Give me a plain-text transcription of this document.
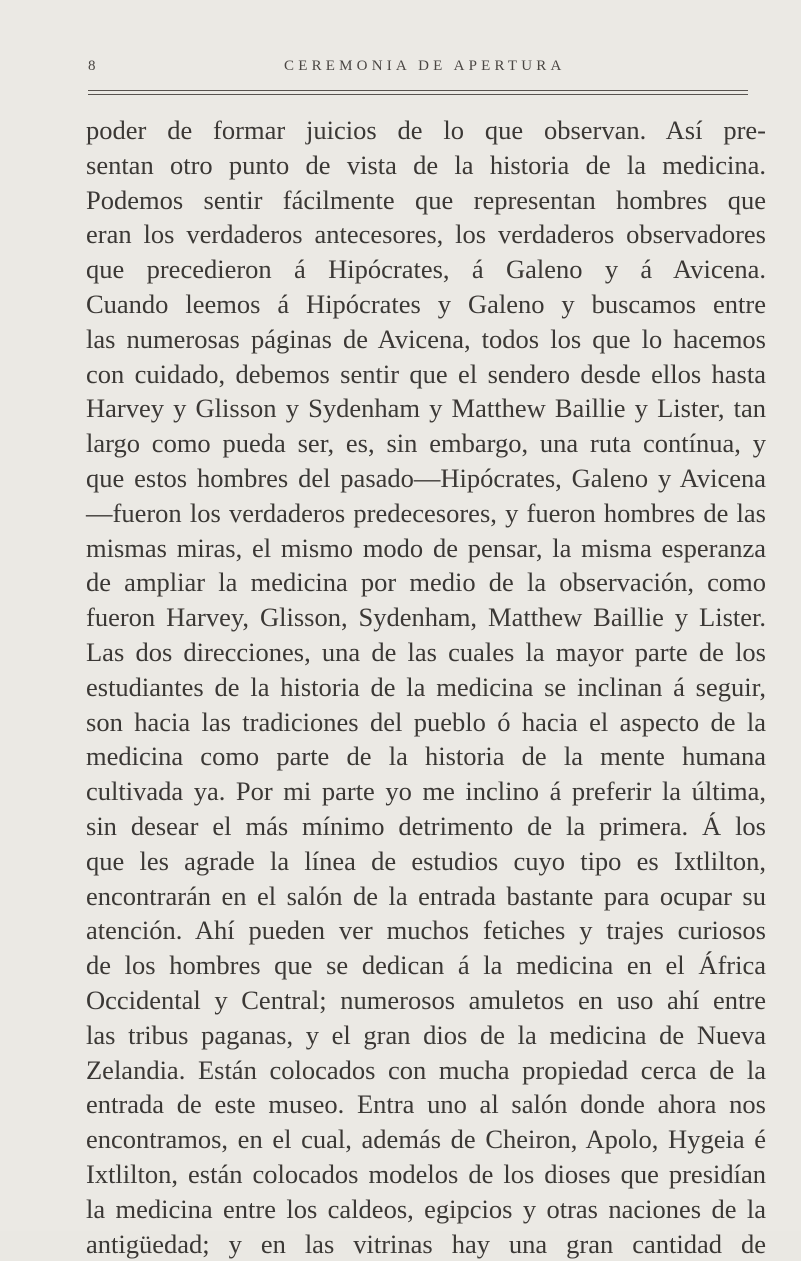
8	CEREMONIA DE APERTURA
poder de formar juicios de lo que observan. Así pre-
sentan otro punto de vista de la historia de la medicina.
Podemos sentir fácilmente que representan hombres que
eran los verdaderos antecesores, los verdaderos observadores
que precedieron á Hipócrates, á Galeno y á Avicena.
Cuando leemos á Hipócrates y Galeno y buscamos entre
las numerosas páginas de Avicena, todos los que lo hacemos
con cuidado, debemos sentir que el sendero desde ellos hasta
Harvey y Glisson y Sydenham y Matthew Baillie y Lister, tan
largo como pueda ser, es, sin embargo, una ruta contínua, y
que estos hombres del pasado—Hipócrates, Galeno y Avicena
—fueron los verdaderos predecesores, y fueron hombres de las
mismas miras, el mismo modo de pensar, la misma esperanza
de ampliar la medicina por medio de la observación, como
fueron Harvey, Glisson, Sydenham, Matthew Baillie y Lister.
Las dos direcciones, una de las cuales la mayor parte de los
estudiantes de la historia de la medicina se inclinan á seguir,
son hacia las tradiciones del pueblo ó hacia el aspecto de la
medicina como parte de la historia de la mente humana
cultivada ya. Por mi parte yo me inclino á preferir la última,
sin desear el más mínimo detrimento de la primera. Á los
que les agrade la línea de estudios cuyo tipo es Ixtlilton,
encontrarán en el salón de la entrada bastante para ocupar su
atención. Ahí pueden ver muchos fetiches y trajes curiosos
de los hombres que se dedican á la medicina en el África
Occidental y Central; numerosos amuletos en uso ahí entre
las tribus paganas, y el gran dios de la medicina de Nueva
Zelandia. Están colocados con mucha propiedad cerca de la
entrada de este museo. Entra uno al salón donde ahora nos
encontramos, en el cual, además de Cheiron, Apolo, Hygeia é
Ixtlilton, están colocados modelos de los dioses que presidían
la medicina entre los caldeos, egipcios y otras naciones de la
antigüedad; y en las vitrinas hay una gran cantidad de
